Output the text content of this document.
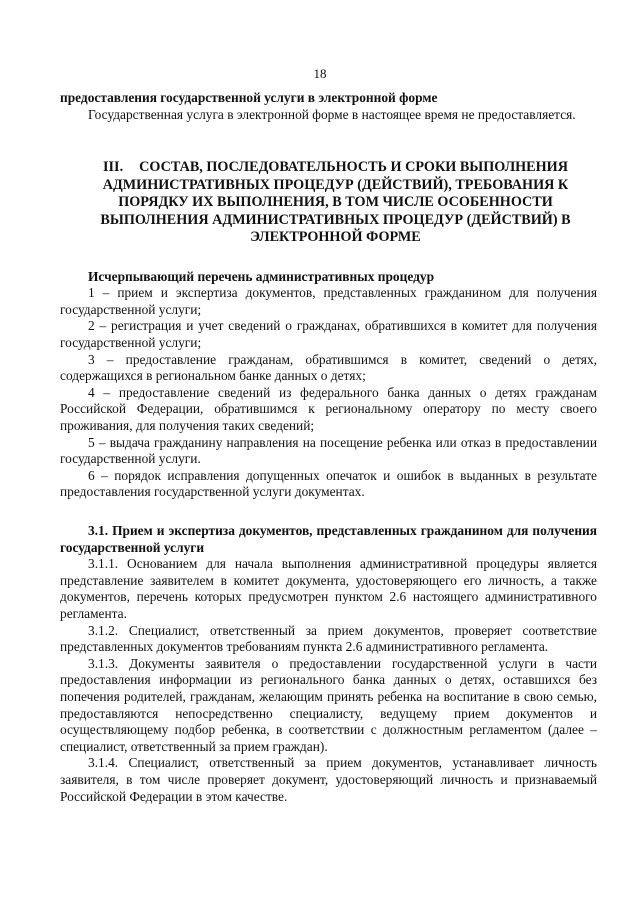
18

предоставления государственной услуги в электронной форме

Государственная услуга в электронной форме в настоящее время не предоставляется.

III. СОСТАВ, ПОСЛЕДОВАТЕЛЬНОСТЬ И СРОКИ ВЫПОЛНЕНИЯ АДМИНИСТРАТИВНЫХ ПРОЦЕДУР (ДЕЙСТВИЙ), ТРЕБОВАНИЯ К ПОРЯДКУ ИХ ВЫПОЛНЕНИЯ, В ТОМ ЧИСЛЕ ОСОБЕННОСТИ ВЫПОЛНЕНИЯ АДМИНИСТРАТИВНЫХ ПРОЦЕДУР (ДЕЙСТВИЙ) В ЭЛЕКТРОННОЙ ФОРМЕ

Исчерпывающий перечень административных процедур

1 – прием и экспертиза документов, представленных гражданином для получения государственной услуги;

2 – регистрация и учет сведений о гражданах, обратившихся в комитет для получения государственной услуги;

3 – предоставление гражданам, обратившимся в комитет, сведений о детях, содержащихся в региональном банке данных о детях;

4 – предоставление сведений из федерального банка данных о детях гражданам Российской Федерации, обратившимся к региональному оператору по месту своего проживания, для получения таких сведений;

5 – выдача гражданину направления на посещение ребенка или отказ в предоставлении государственной услуги.

6 – порядок исправления допущенных опечаток и ошибок в выданных в результате предоставления государственной услуги документах.

3.1. Прием и экспертиза документов, представленных гражданином для получения государственной услуги

3.1.1. Основанием для начала выполнения административной процедуры является представление заявителем в комитет документа, удостоверяющего его личность, а также документов, перечень которых предусмотрен пунктом 2.6 настоящего административного регламента.

3.1.2. Специалист, ответственный за прием документов, проверяет соответствие представленных документов требованиям пункта 2.6 административного регламента.

3.1.3. Документы заявителя о предоставлении государственной услуги в части предоставления информации из регионального банка данных о детях, оставшихся без попечения родителей, гражданам, желающим принять ребенка на воспитание в свою семью, предоставляются непосредственно специалисту, ведущему прием документов и осуществляющему подбор ребенка, в соответствии с должностным регламентом (далее – специалист, ответственный за прием граждан).

3.1.4. Специалист, ответственный за прием документов, устанавливает личность заявителя, в том числе проверяет документ, удостоверяющий личность и признаваемый Российской Федерации в этом качестве.
